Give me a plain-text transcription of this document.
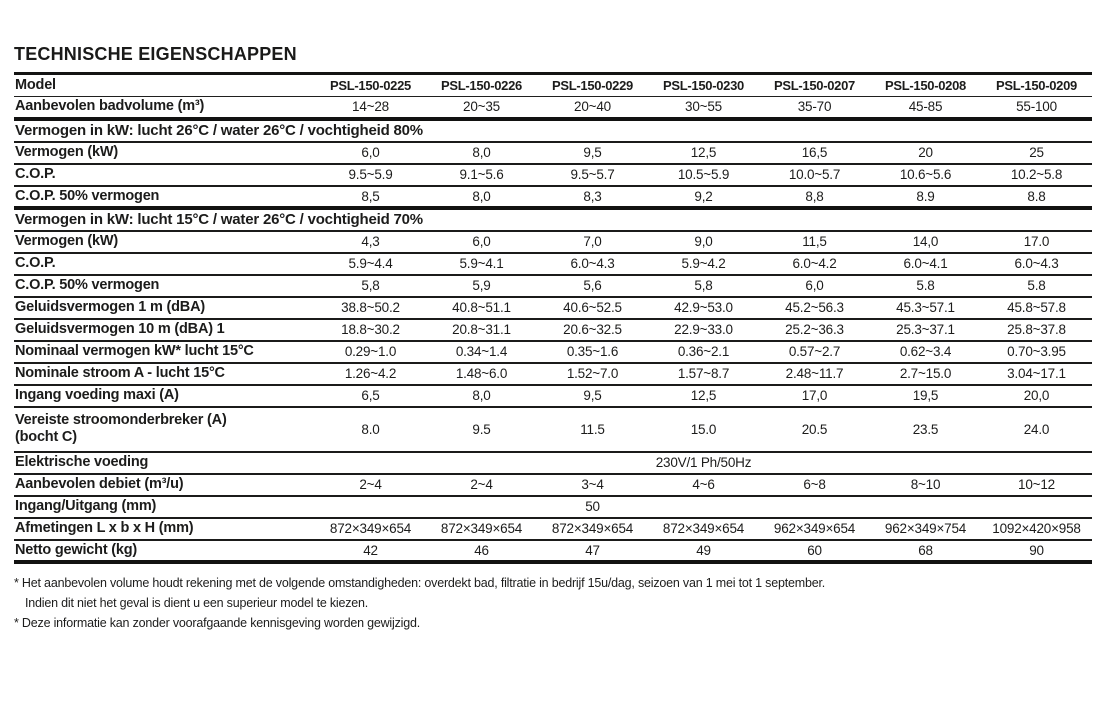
TECHNISCHE EIGENSCHAPPEN
Model	PSL-150-0225	PSL-150-0226	PSL-150-0229	PSL-150-0230	PSL-150-0207	PSL-150-0208	PSL-150-0209

Aanbevolen badvolume (m³)	14~28	20~35	20~40	30~55	35-70	45-85	55-100
Vermogen in kW: lucht 26°C / water 26°C / vochtigheid 80%							

Vermogen (kW)	6,0	8,0	9,5	12,5	16,5	20	25

C.O.P.	9.5~5.9	9.1~5.6	9.5~5.7	10.5~5.9	10.0~5.7	10.6~5.6	10.2~5.8

C.O.P. 50% vermogen	8,5	8,0	8,3	9,2	8,8	8.9	8.8
Vermogen in kW: lucht 15°C / water 26°C / vochtigheid 70%							

Vermogen (kW)	4,3	6,0	7,0	9,0	11,5	14,0	17.0

C.O.P.	5.9~4.4	5.9~4.1	6.0~4.3	5.9~4.2	6.0~4.2	6.0~4.1	6.0~4.3

C.O.P. 50% vermogen	5,8	5,9	5,6	5,8	6,0	5.8	5.8

Geluidsvermogen 1 m (dBA)	38.8~50.2	40.8~51.1	40.6~52.5	42.9~53.0	45.2~56.3	45.3~57.1	45.8~57.8

Geluidsvermogen 10 m (dBA) 1	18.8~30.2	20.8~31.1	20.6~32.5	22.9~33.0	25.2~36.3	25.3~37.1	25.8~37.8

Nominaal vermogen kW* lucht 15°C	0.29~1.0	0.34~1.4	0.35~1.6	0.36~2.1	0.57~2.7	0.62~3.4	0.70~3.95

Nominale stroom A - lucht 15°C	1.26~4.2	1.48~6.0	1.52~7.0	1.57~8.7	2.48~11.7	2.7~15.0	3.04~17.1

Ingang voeding maxi (A)	6,5	8,0	9,5	12,5	17,0	19,5	20,0

Vereiste stroomonderbreker (A)
(bocht C)	8.0	9.5	11.5	15.0	20.5	23.5	24.0

Elektrische voeding	230V/1 Ph/50Hz						

Aanbevolen debiet (m³/u)	2~4	2~4	3~4	4~6	6~8	8~10	10~12

Ingang/Uitgang (mm)	50						

Afmetingen L x b x H (mm)	872×349×654	872×349×654	872×349×654	872×349×654	962×349×654	962×349×754	1092×420×958

Netto gewicht (kg)	42	46	47	49	60	68	90

* Het aanbevolen volume houdt rekening met de volgende omstandigheden: overdekt bad, filtratie in bedrijf 15u/dag, seizoen van 1 mei tot 1 september.

Indien dit niet het geval is dient u een superieur model te kiezen.

* Deze informatie kan zonder voorafgaande kennisgeving worden gewijzigd.
